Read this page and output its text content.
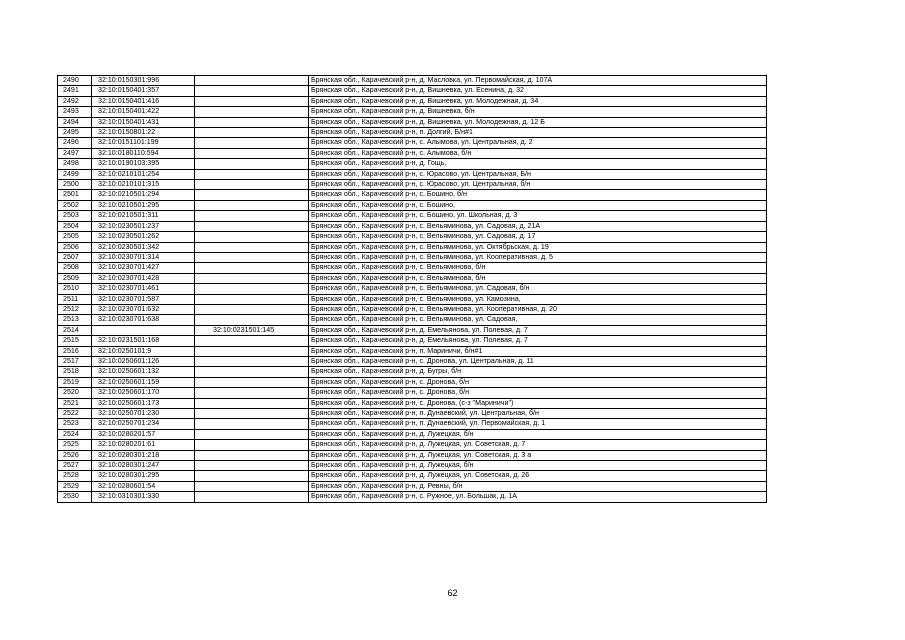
2490	32:10:0150301:996		Брянская обл., Карачевский р-н, д. Масловка, ул. Первомайская, д. 107А
2491	32:10:0150401:357		Брянская обл., Карачевский р-н, д. Вишневка, ул. Есенина, д. 32
2492	32:10:0150401:416		Брянская обл., Карачевский р-н, д. Вишневка, ул. Молодежная, д. 34
2493	32:10:0150401:422		Брянская обл., Карачевский р-н, д. Вишневка, б/н
2494	32:10:0150401:431		Брянская обл., Карачевский р-н, д. Вишневка, ул. Молодежная, д. 12 Б
2495	32:10:0150801:22		Брянская обл., Карачевский р-н, п. Долгий, Б/н#1
2496	32:10:0151101:199		Брянская обл., Карачевский р-н, с. Алымова, ул. Центральная, д. 2
2497	32:10:0180110:594		Брянская обл., Карачевский р-н, с. Алымова, б/н
2498	32:10:0190103:395		Брянская обл., Карачевский р-н, д. Гощь,
2499	32:10:0210101:254		Брянская обл., Карачевский р-н, с. Юрасово, ул. Центральная, Б/н
2500	32:10:0210101:315		Брянская обл., Карачевский р-н, с. Юрасово, ул. Центральная, б/н
2501	32:10:0210501:294		Брянская обл., Карачевский р-н, с. Бошино, б/н
2502	32:10:0210501:295		Брянская обл., Карачевский р-н, с. Бошино,
2503	32:10:0210501:311		Брянская обл., Карачевский р-н, с. Бошино, ул. Школьная, д. 3
2504	32:10:0230501:237		Брянская обл., Карачевский р-н, с. Вельяминова, ул. Садовая, д. 21А
2505	32:10:0230501:262		Брянская обл., Карачевский р-н, с. Вельяминова, ул. Садовая, д. 17
2506	32:10:0230501:342		Брянская обл., Карачевский р-н, с. Вельяминова, ул. Октябрьская, д. 19
2507	32:10:0230701:314		Брянская обл., Карачевский р-н, с. Вельяминова, ул. Кооперативная, д. 5
2508	32:10:0230701:427		Брянская обл., Карачевский р-н, с. Вельяминова, б/н
2509	32:10:0230701:428		Брянская обл., Карачевский р-н, с. Вельяминова, б/н
2510	32:10:0230701:461		Брянская обл., Карачевский р-н, с. Вельяминова, ул. Садовая, б/н
2511	32:10:0230701:587		Брянская обл., Карачевский р-н, с. Вельяминова, ул. Камозина,
2512	32:10:0230701:632		Брянская обл., Карачевский р-н, с. Вельяминова, ул. Кооперативная, д. 20
2513	32:10:0230701:638		Брянская обл., Карачевский р-н, с. Вельяминова, ул. Садовая,
2514		32:10:0231501:145	Брянская обл., Карачевский р-н, д. Емельянова, ул. Полевая, д. 7
2515	32:10:0231501:168		Брянская обл., Карачевский р-н, д. Емельянова, ул. Полевая, д. 7
2516	32:10:0250101:9		Брянская обл., Карачевский р-н, п. Мариничи, б/н#1
2517	32:10:0250601:126		Брянская обл., Карачевский р-н, с. Дронова, ул. Центральная, д. 11
2518	32:10:0250601:132		Брянская обл., Карачевский р-н, д. Бугры, б/н
2519	32:10:0250601:159		Брянская обл., Карачевский р-н, с. Дронова, б/н
2520	32:10:0250601:170		Брянская обл., Карачевский р-н, с. Дронова, б/н
2521	32:10:0250601:173		Брянская обл., Карачевский р-н, с. Дронова, (с-з "Мариничи")
2522	32:10:0250701:230		Брянская обл., Карачевский р-н, п. Дунаевский, ул. Центральная, б/н
2523	32:10:0250701:234		Брянская обл., Карачевский р-н, п. Дунаевский, ул. Первомайская, д. 1
2524	32:10:0280201:57		Брянская обл., Карачевский р-н, д. Лужецкая, б/н
2525	32:10:0280201:61		Брянская обл., Карачевский р-н, д. Лужецкая, ул. Советская, д. 7
2526	32:10:0280301:218		Брянская обл., Карачевский р-н, д. Лужецкая, ул. Советская, д. 3 а
2527	32:10:0280301:247		Брянская обл., Карачевский р-н, д. Лужецкая, б/н
2528	32:10:0280301:295		Брянская обл., Карачевский р-н, д. Лужецкая, ул. Советская, д. 26
2529	32:10:0280601:54		Брянская обл., Карачевский р-н, д. Ревны, б/н
2530	32:10:0310301:330		Брянская обл., Карачевский р-н, с. Ружное, ул. Большак, д. 1А
62
